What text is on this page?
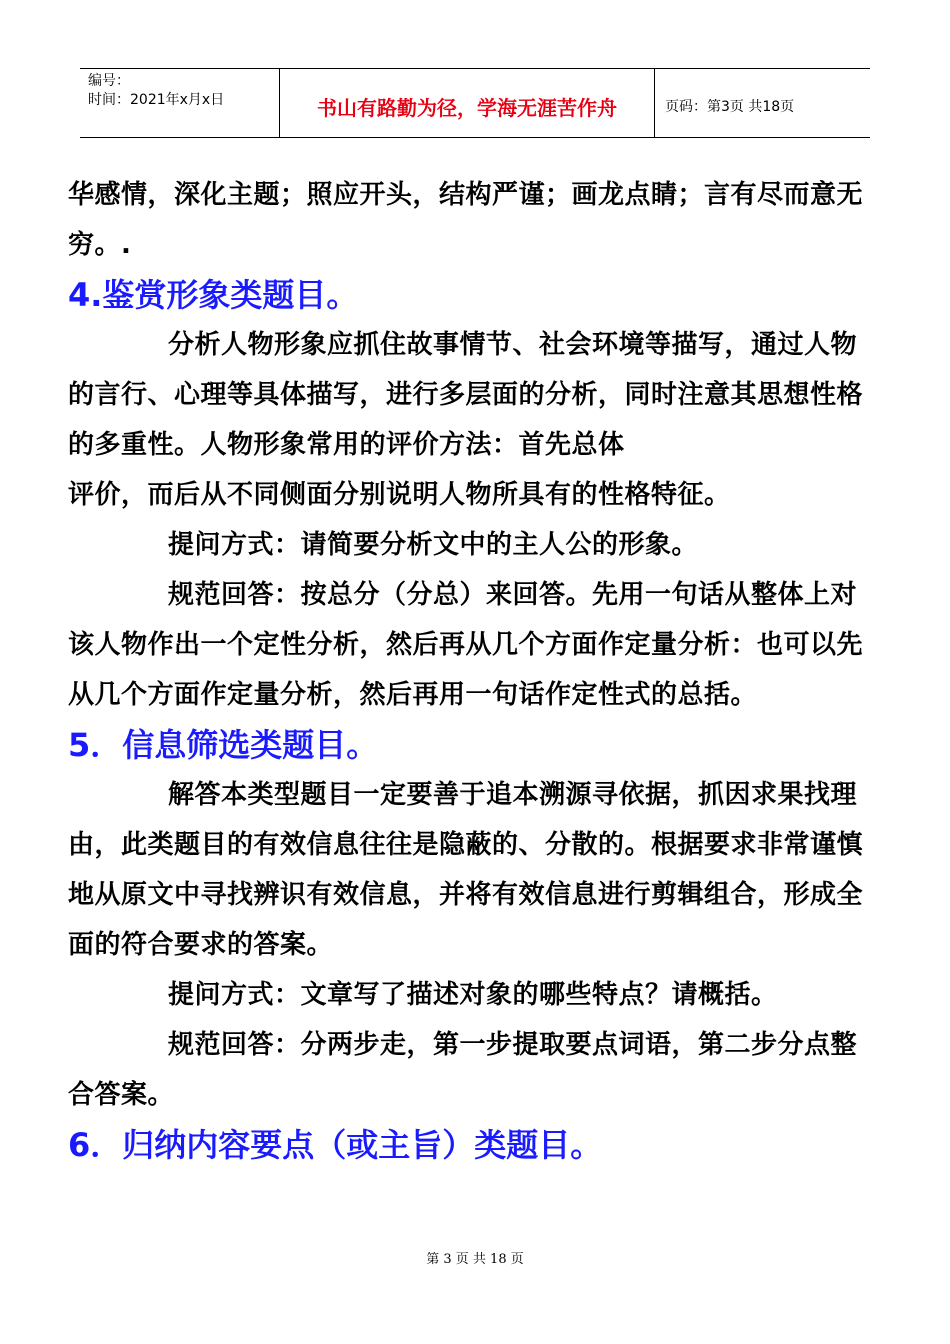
编号：
时间：2021年x月x日	书山有路勤为径，学海无涯苦作舟	页码：第3页 共18页

华感情，深化主题；照应开头，结构严谨；画龙点睛；言有尽而意无穷。.

4.鉴赏形象类题目。

分析人物形象应抓住故事情节、社会环境等描写，通过人物的言行、心理等具体描写，进行多层面的分析，同时注意其思想性格的多重性。人物形象常用的评价方法：首先总体

评价，而后从不同侧面分别说明人物所具有的性格特征。

提问方式：请简要分析文中的主人公的形象。

规范回答：按总分（分总）来回答。先用一句话从整体上对该人物作出一个定性分析，然后再从几个方面作定量分析：也可以先从几个方面作定量分析，然后再用一句话作定性式的总括。

5．信息筛选类题目。

解答本类型题目一定要善于追本溯源寻依据，抓因求果找理由，此类题目的有效信息往往是隐蔽的、分散的。根据要求非常谨慎地从原文中寻找辨识有效信息，并将有效信息进行剪辑组合，形成全面的符合要求的答案。

提问方式：文章写了描述对象的哪些特点？请概括。

规范回答：分两步走，第一步提取要点词语，第二步分点整合答案。

6．归纳内容要点（或主旨）类题目。

第 3 页 共 18 页
